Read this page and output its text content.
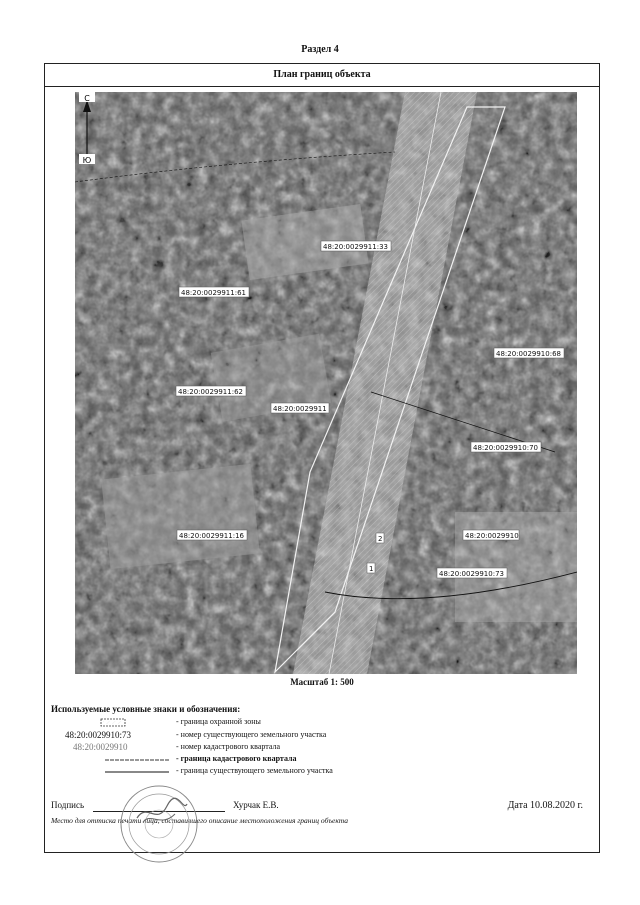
Раздел 4
План границ объекта
С
Ю
48:20:0029911:33
48:20:0029911:61
48:20:0029910:68
48:20:0029911:62
48:20:0029911
48:20:0029910:70
48:20:0029910
48:20:0029911:16
48:20:0029910:73
2
1
Масштаб 1: 500
Используемые условные знаки и обозначения:
- граница охранной зоны
48:20:0029910:73	- номер существующего земельного участка
48:20:0029910	- номер кадастрового квартала
- граница кадастрового квартала
- граница существующего земельного участка
Подпись	Хурчак Е.В.	Дата 10.08.2020 г.
Место для оттиска печати лица, составившего описание местоположения границ объекта
